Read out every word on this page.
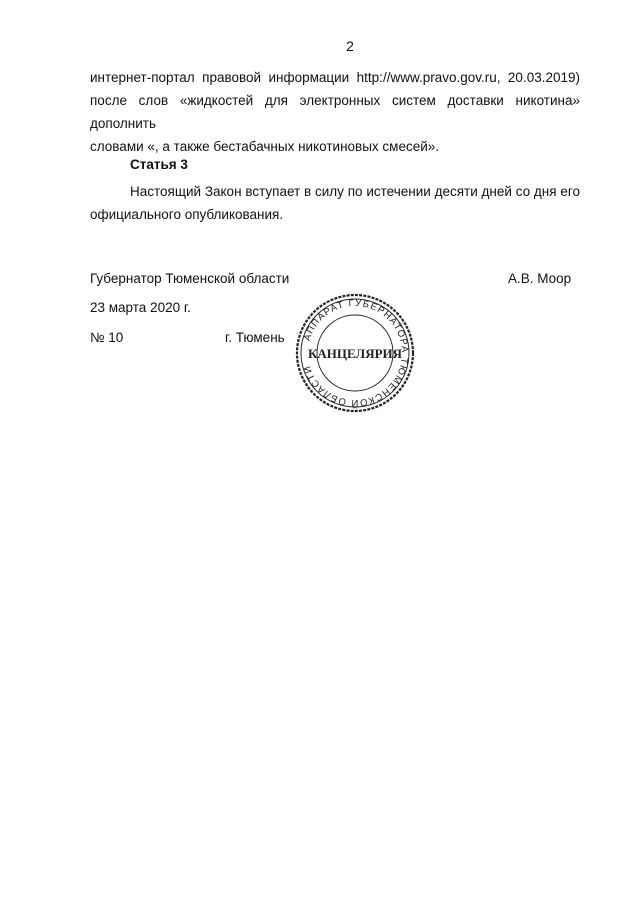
2
интернет-портал правовой информации http://www.pravo.gov.ru, 20.03.2019)
после слов «жидкостей для электронных систем доставки никотина» дополнить
словами «, а также бестабачных никотиновых смесей».
Статья 3

Настоящий Закон вступает в силу по истечении десяти дней со дня его официального опубликования.

Губернатор Тюменской области	А.В. Моор
23 марта 2020 г.
№ 10	г. Тюмень АППАРАТ ГУБЕРНАТОРА ТЮМЕНСКОЙ ОБЛАСТИ
КАНЦЕЛЯРИЯ
